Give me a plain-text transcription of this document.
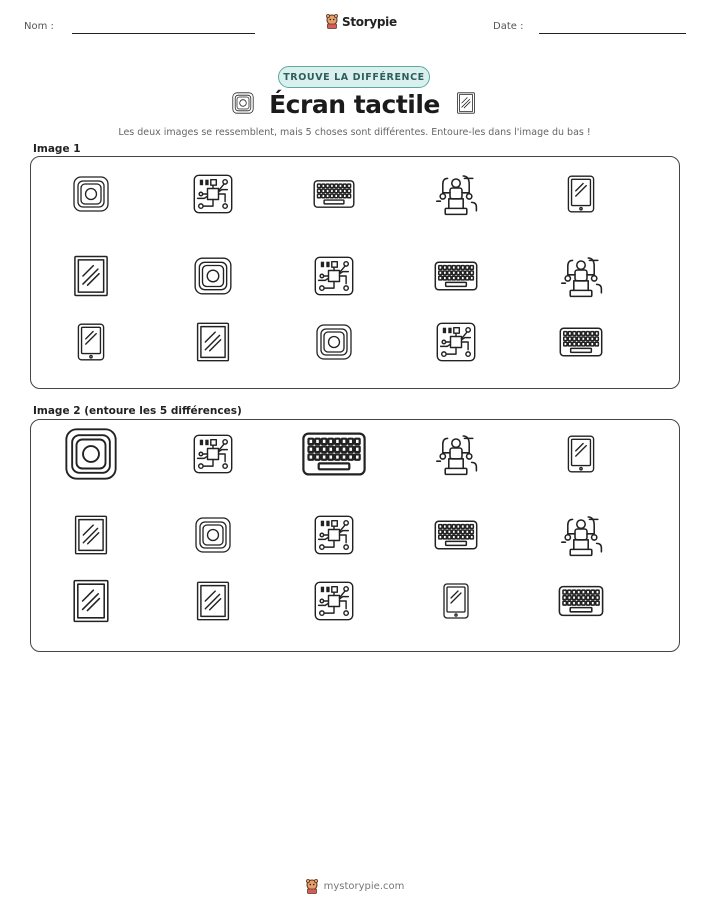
Nom :	Storypie	Date :
TROUVE LA DIFFÉRENCE
Écran tactile
Les deux images se ressemblent, mais 5 choses sont différentes. Entoure-les dans l'image du bas !
Image 1
Image 2 (entoure les 5 différences)
mystorypie.com
